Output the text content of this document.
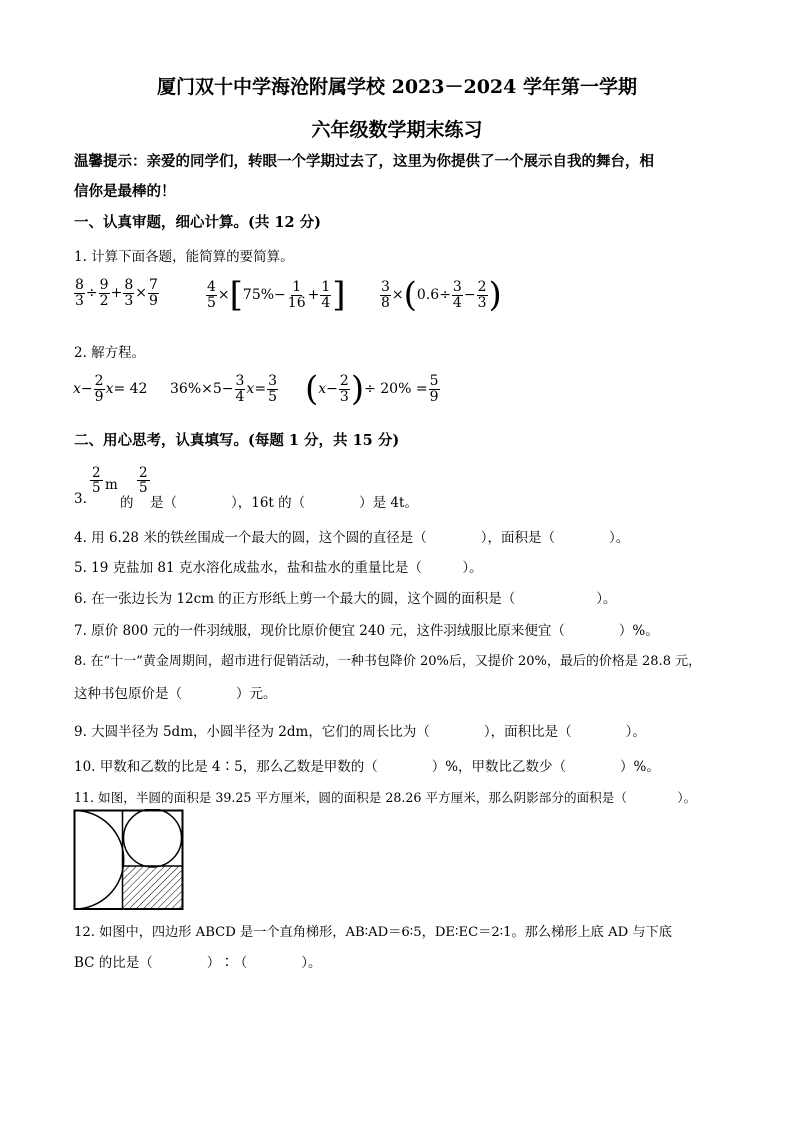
厦门双十中学海沧附属学校 2023－2024 学年第一学期
六年级数学期末练习
温馨提示：亲爱的同学们，转眼一个学期过去了，这里为你提供了一个展示自我的舞台，相
信你是最棒的！
一、认真审题，细心计算。(共 12 分)
1. 计算下面各题，能简算的要简算。
$\frac{8}{3} \div \frac{9}{2} + \frac{8}{3} \times \frac{7}{9}$	$\frac{4}{5} \times[75\%- \frac{1}{16} + \frac{1}{4}$ ] $\frac{3}{8} \times(0.6\div \frac{3}{4} - \frac{2}{3}$ )
2. 解方程。
$x- \frac{2}{9} x= 42$ $36\%\times 5- \frac{3}{4} x= \frac{3}{5} (x- \frac{2}{3}$ )÷ $20\% = \frac{5}{9}$
二、用心思考，认真填写。(每题 1 分，共 15 分)
3.
2
5 m
的
2
5
是（　　　　），16t 的（　　　　）是 4t。
4. 用 6.28 米的铁丝围成一个最大的圆，这个圆的直径是（　　　　），面积是（　　　　）。
5. 19 克盐加 81 克水溶化成盐水，盐和盐水的重量比是（　　　）。
6. 在一张边长为 12cm 的正方形纸上剪一个最大的圆，这个圆的面积是（　　　　　　）。
7. 原价 800 元的一件羽绒服，现价比原价便宜 240 元，这件羽绒服比原来便宜（　　　　）%。
8. 在“十一”黄金周期间，超市进行促销活动，一种书包降价 20%后，又提价 20%，最后的价格是 28.8 元，
这种书包原价是（　　　　）元。
9. 大圆半径为 5dm，小圆半径为 2dm，它们的周长比为（　　　　），面积比是（　　　　）。
10. 甲数和乙数的比是 4∶5，那么乙数是甲数的（　　　　）%，甲数比乙数少（　　　　）%。
11. 如图，半圆的面积是 39.25 平方厘米，圆的面积是 28.26 平方厘米，那么阴影部分的面积是（　　　　）。
12. 如图中，四边形 ABCD 是一个直角梯形，AB∶AD＝6∶5，DE∶EC＝2∶1。那么梯形上底 AD 与下底
BC 的比是（　　　　）∶（　　　　）。
